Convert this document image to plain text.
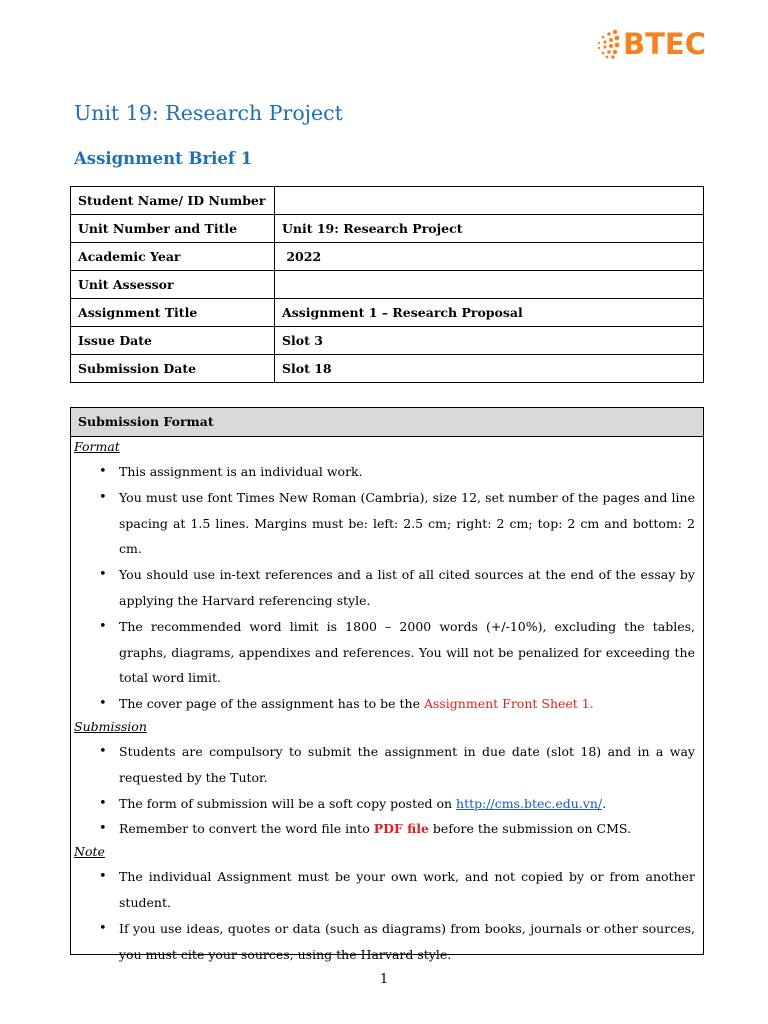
BTEC
Unit 19: Research Project
Assignment Brief 1
Student Name/ ID Number	
Unit Number and Title	Unit 19: Research Project
Academic Year	2022
Unit Assessor	
Assignment Title	Assignment 1 – Research Proposal
Issue Date	Slot 3
Submission Date	Slot 18
Submission Format

Format

• This assignment is an individual work.
• You must use font Times New Roman (Cambria), size 12, set number of the pages and line spacing at 1.5 lines. Margins must be: left: 2.5 cm; right: 2 cm; top: 2 cm and bottom: 2 cm.
• You should use in-text references and a list of all cited sources at the end of the essay by applying the Harvard referencing style.
• The recommended word limit is 1800 – 2000 words (+/-10%), excluding the tables, graphs, diagrams, appendixes and references. You will not be penalized for exceeding the total word limit.
• The cover page of the assignment has to be the Assignment Front Sheet 1.

Submission

• Students are compulsory to submit the assignment in due date (slot 18) and in a way requested by the Tutor.
• The form of submission will be a soft copy posted on http://cms.btec.edu.vn/.
• Remember to convert the word file into PDF file before the submission on CMS.

Note

• The individual Assignment must be your own work, and not copied by or from another student.
• If you use ideas, quotes or data (such as diagrams) from books, journals or other sources, you must cite your sources, using the Harvard style.
1
